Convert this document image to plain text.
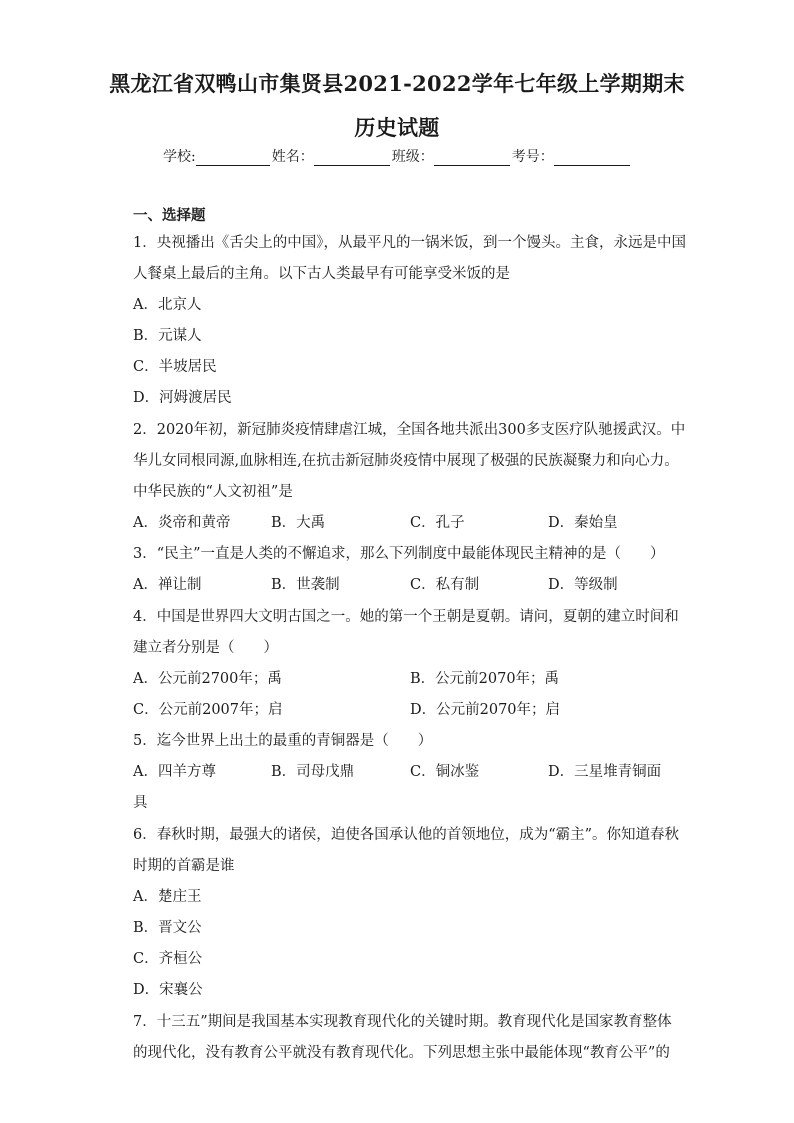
黑龙江省双鸭山市集贤县2021-2022学年七年级上学期期末
历史试题
学校:	姓名：	班级：	考号：
一、选择题
1．央视播出《舌尖上的中国》，从最平凡的一锅米饭，到一个馒头。主食，永远是中国
人餐桌上最后的主角。以下古人类最早有可能享受米饭的是
A．北京人
B．元谋人
C．半坡居民
D．河姆渡居民
2．2020年初，新冠肺炎疫情肆虐江城，全国各地共派出300多支医疗队驰援武汉。中
华儿女同根同源,血脉相连,在抗击新冠肺炎疫情中展现了极强的民族凝聚力和向心力。
中华民族的“人文初祖”是
A．炎帝和黄帝	B．大禹	C．孔子	D．秦始皇
3．“民主”一直是人类的不懈追求，那么下列制度中最能体现民主精神的是（　　）
A．禅让制	B．世袭制	C．私有制	D．等级制
4．中国是世界四大文明古国之一。她的第一个王朝是夏朝。请问，夏朝的建立时间和
建立者分别是（　　）
A．公元前2700年；禹	B．公元前2070年；禹
C．公元前2007年；启	D．公元前2070年；启
5．迄今世界上出土的最重的青铜器是（　　）
A．四羊方尊	B．司母戊鼎	C．铜冰鉴	D．三星堆青铜面
具
6．春秋时期，最强大的诸侯，迫使各国承认他的首领地位，成为“霸主”。你知道春秋
时期的首霸是谁
A．楚庄王
B．晋文公
C．齐桓公
D．宋襄公
7．十三五”期间是我国基本实现教育现代化的关键时期。教育现代化是国家教育整体
的现代化，没有教育公平就没有教育现代化。下列思想主张中最能体现“教育公平”的
